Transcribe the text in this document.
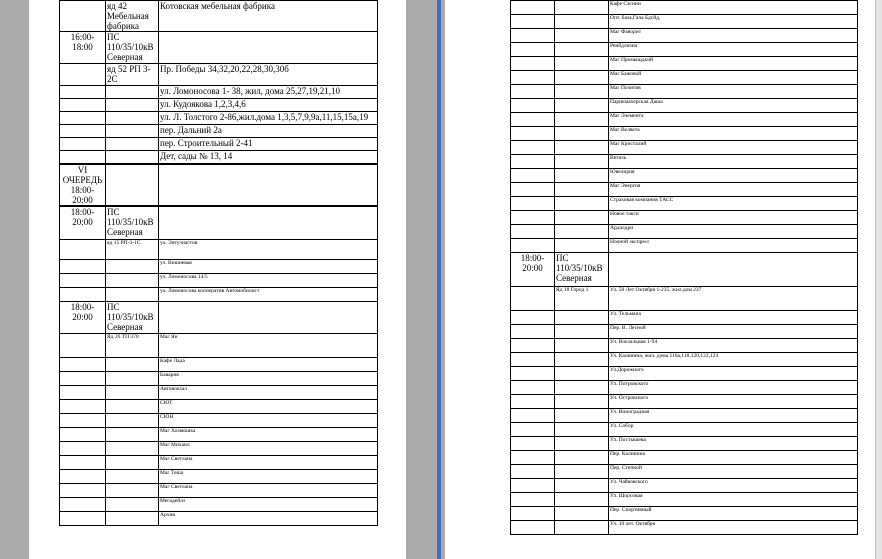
	яд 42 Мебельная фабрика	Котовская мебельная фабрика
16:00-18:00	ПС 110/35/10кВ Северная	
	яд 52 РП 3-2С	Пр. Победы 34,32,20,22,28,30,30б
		ул. Ломоносова 1- 38, жил, дома 25,27,19,21,10
		ул. Кудоякова 1,2,3,4,6
		ул. Л. Толстого 2-86,жил.дома 1,3,5,7,9,9а,11,15,15а,19
		пер. Дальний 2а
		пер. Строительный 2-41
		Дет, сады № 13, 14
VI ОЧЕРЕДЬ 18:00-20:00		
18:00-20:00	ПС 110/35/10кВ Северная	
	яд 15 РП-3-1С	ул. Энтузиастов
		ул. Вишневая
		ул. Ломоносова 14/5
		ул. Ломоносова кооператив Автомобилист
18:00-20:00	ПС 110/35/10кВ Северная	
	Яд 26 ТП 370	Маг Ян
		Кафе Лада
		Бавария
		Автовокзал
		СЮТ
		СЮН
		Маг Хозяюшка
		Маг Михаил
		Маг Светлана
		Маг Теша
		Маг Светлана
		Мегадейлз
		Архив
		Кафе Саснии
		Опт. база,Гала Бдсйд,
		Маг Фаворит
		Ренбдлизна
		Маг Промыщдкий
		Маг Бажовой
		Маг Позитив
		Парикмахерская Даша
		Маг Элемента
		Маг Велвета
		Маг Кристалий
		Витязь
		Ювелирия
		Маг Энергия
		Страховая компания ТАСС
		Новое такси
		Ардалдри
		Ночной экспресс
18:00-20:00	ПС 110/35/10кВ Северная	
	Яд 18 Город 1	Ул. 50 Лет Октября 1-235, жил.дом 237
		Ул. Тельмана
		Пер. В. Лесной
		Ул. Вокзальная 1-94
		Ул. Калинина, жил. дома 116а,118,120,122,124
		Ул.Дорожного
		Ул. Потровского
		Ул. Островского
		Ул. Виноградная
		Ул. Собор
		Ул. Постышева
		Пер. Калинина
		Пер. Степной
		Ул. Чайковского
		Ул. Щорсовая
		Пер. Спортивный
		Ул. 10 лет. Октября
